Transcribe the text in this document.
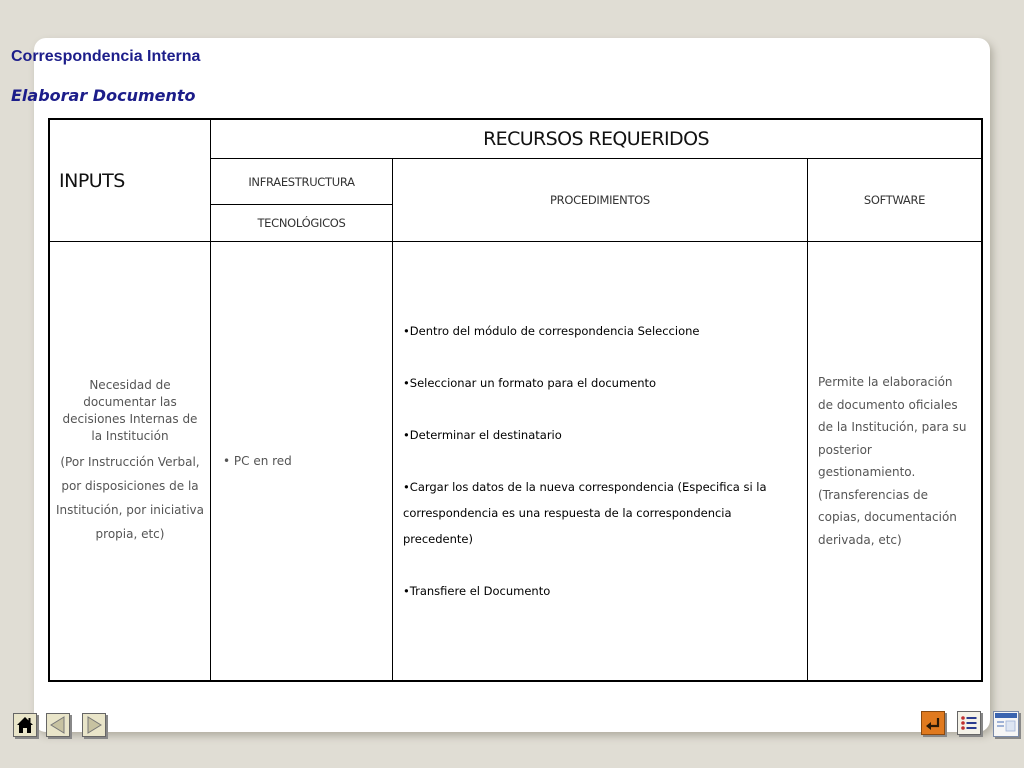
Correspondencia Interna
Elaborar Documento
INPUTS
RECURSOS REQUERIDOS
INFRAESTRUCTURA
TECNOLÓGICOS
PROCEDIMIENTOS	SOFTWARE
Necesidad de documentar las decisiones Internas de la Institución
(Por Instrucción Verbal, por disposiciones de la Institución, por iniciativa propia, etc)
• PC en red
•Dentro del módulo de correspondencia Seleccione
•Seleccionar un formato para el documento
•Determinar el destinatario
•Cargar los datos de la nueva correspondencia (Especifica si la correspondencia es una respuesta de la correspondencia precedente)
•Transfiere el Documento
Permite la elaboración de documento oficiales de la Institución, para su posterior gestionamiento. (Transferencias de copias, documentación derivada, etc)
